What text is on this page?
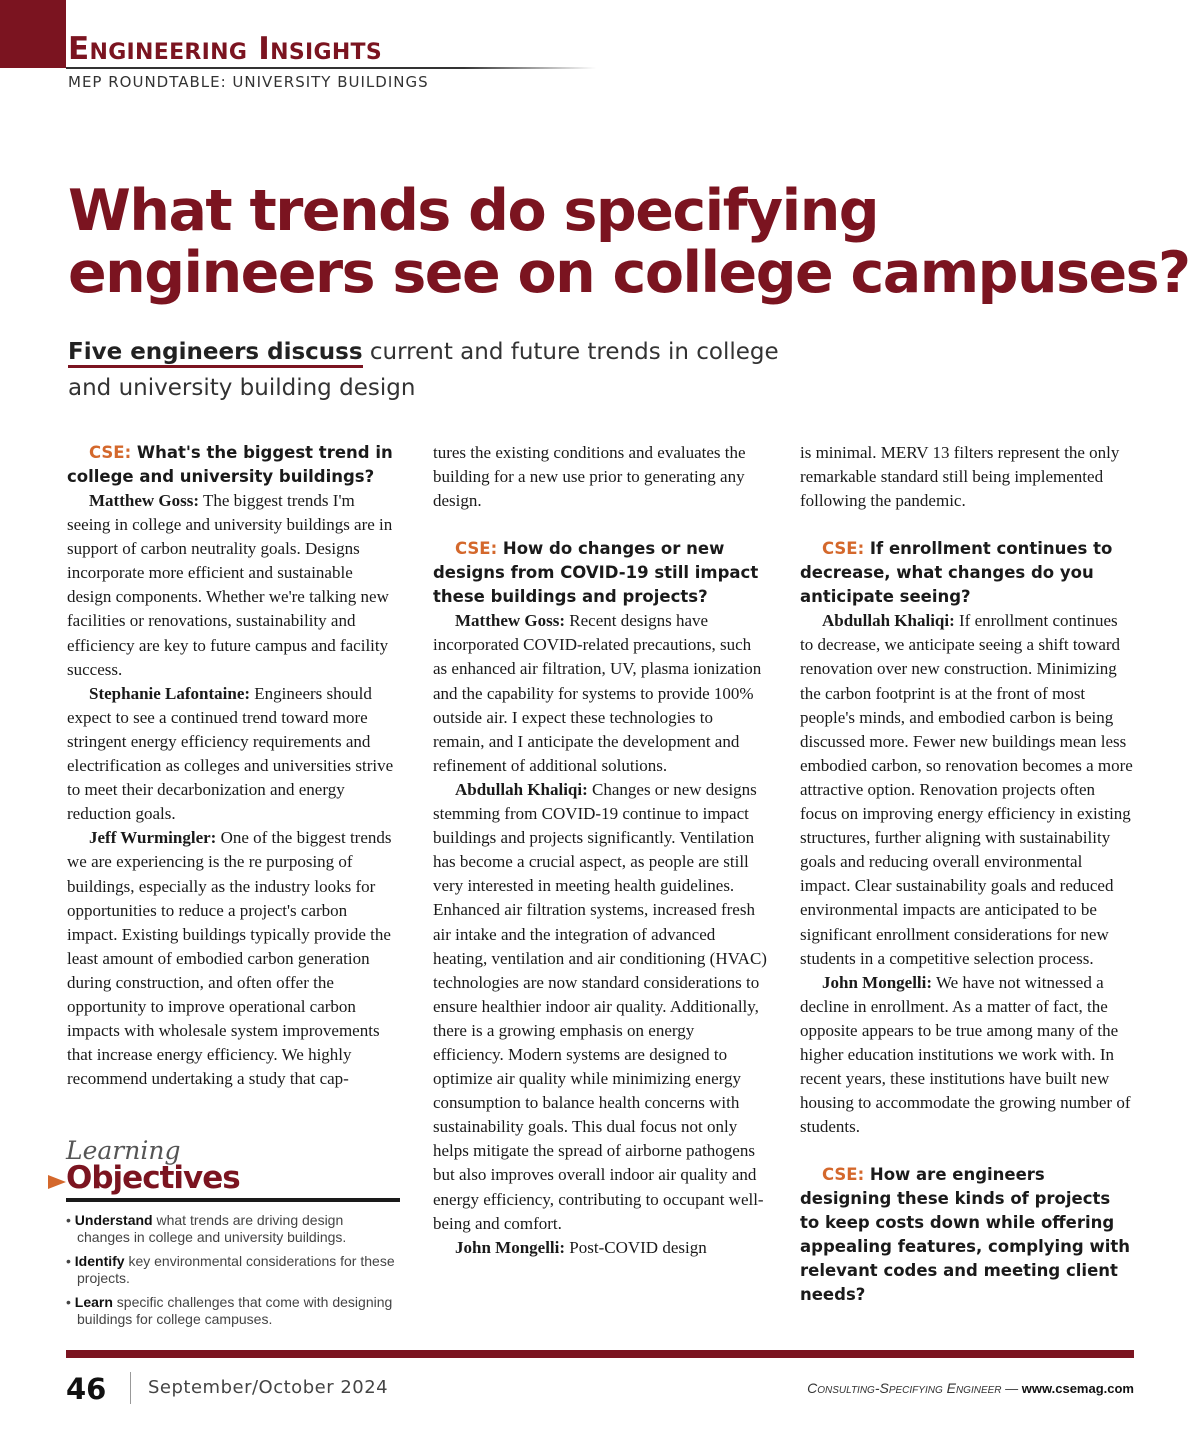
Engineering Insights
MEP ROUNDTABLE: UNIVERSITY BUILDINGS
What trends do specifying
engineers see on college campuses?
Five engineers discuss current and future trends in college
and university building design

CSE: What's the biggest trend in college and university buildings?

Matthew Goss: The biggest trends I'm seeing in college and university buildings are in support of carbon neutrality goals. Designs incorporate more efficient and sustainable design components. Whether we're talking new facilities or renovations, sustainability and efficiency are key to future campus and facility success.

Stephanie Lafontaine: Engineers should expect to see a continued trend toward more stringent energy efficiency requirements and electrification as colleges and universities strive to meet their decarbonization and energy reduction goals.

Jeff Wurmingler: One of the biggest trends we are experiencing is the re purposing of buildings, especially as the industry looks for opportunities to reduce a project's carbon impact. Existing buildings typically provide the least amount of embodied carbon generation during construction, and often offer the opportunity to improve operational carbon impacts with wholesale system improvements that increase energy efficiency. We highly recommend undertaking a study that cap-

Learning
Objectives
• Understand what trends are driving design changes in college and university buildings.
• Identify key environmental considerations for these projects.
• Learn specific challenges that come with designing buildings for college campuses.

tures the existing conditions and evaluates the building for a new use prior to generating any design.

CSE: How do changes or new designs from COVID-19 still impact these buildings and projects?

Matthew Goss: Recent designs have incorporated COVID-related precautions, such as enhanced air filtration, UV, plasma ionization and the capability for systems to provide 100% outside air. I expect these technologies to remain, and I anticipate the development and refinement of additional solutions.

Abdullah Khaliqi: Changes or new designs stemming from COVID-19 continue to impact buildings and projects significantly. Ventilation has become a crucial aspect, as people are still very interested in meeting health guidelines. Enhanced air filtration systems, increased fresh air intake and the integration of advanced heating, ventilation and air conditioning (HVAC) technologies are now standard considerations to ensure healthier indoor air quality. Additionally, there is a growing emphasis on energy efficiency. Modern systems are designed to optimize air quality while minimizing energy consumption to balance health concerns with sustainability goals. This dual focus not only helps mitigate the spread of airborne pathogens but also improves overall indoor air quality and energy efficiency, contributing to occupant well-being and comfort.

John Mongelli: Post-COVID design

is minimal. MERV 13 filters represent the only remarkable standard still being implemented following the pandemic.

CSE: If enrollment continues to decrease, what changes do you anticipate seeing?

Abdullah Khaliqi: If enrollment continues to decrease, we anticipate seeing a shift toward renovation over new construction. Minimizing the carbon footprint is at the front of most people's minds, and embodied carbon is being discussed more. Fewer new buildings mean less embodied carbon, so renovation becomes a more attractive option. Renovation projects often focus on improving energy efficiency in existing structures, further aligning with sustainability goals and reducing overall environmental impact. Clear sustainability goals and reduced environmental impacts are anticipated to be significant enrollment considerations for new students in a competitive selection process.

John Mongelli: We have not witnessed a decline in enrollment. As a matter of fact, the opposite appears to be true among many of the higher education institutions we work with. In recent years, these institutions have built new housing to accommodate the growing number of students.

CSE: How are engineers designing these kinds of projects to keep costs down while offering appealing features, complying with relevant codes and meeting client needs?

46 September/October 2024	Consulting-Specifying Engineer — www.csemag.com
